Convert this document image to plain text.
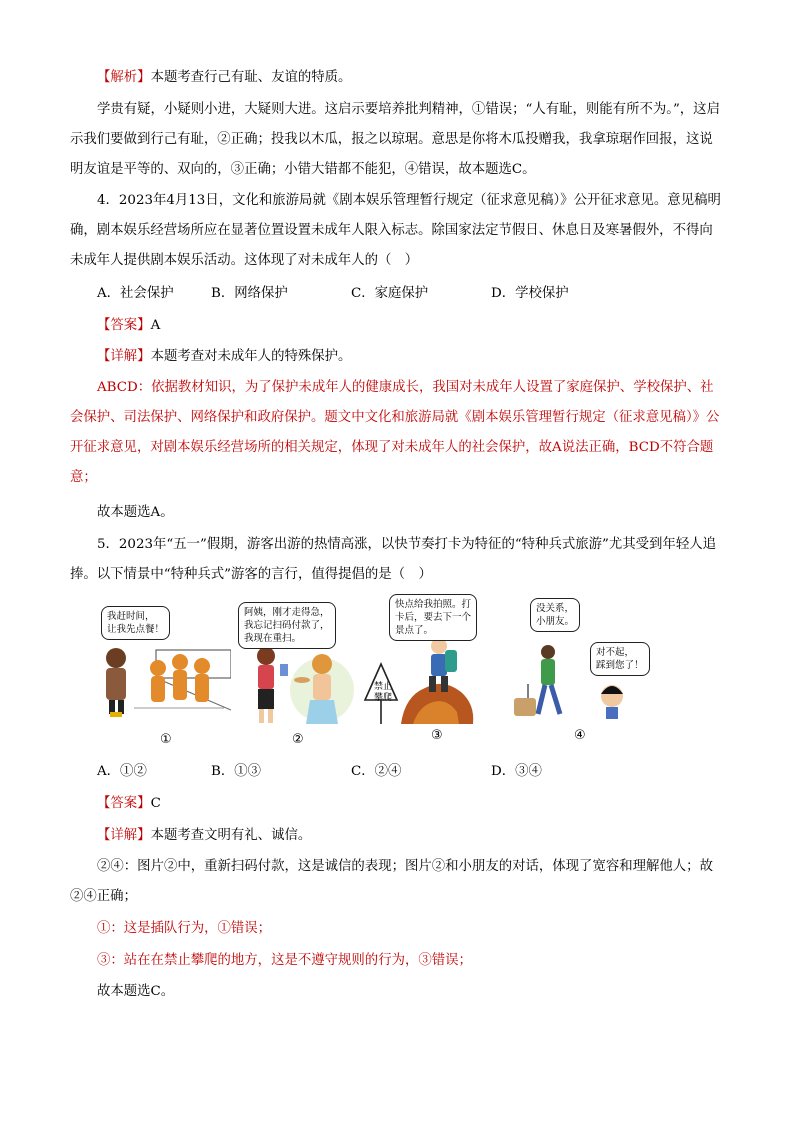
【解析】本题考查行己有耻、友谊的特质。

学贵有疑，小疑则小进，大疑则大进。这启示要培养批判精神，①错误；“人有耻，则能有所不为。”，这启示我们要做到行己有耻，②正确；投我以木瓜，报之以琼琚。意思是你将木瓜投赠我，我拿琼琚作回报，这说明友谊是平等的、双向的，③正确；小错大错都不能犯，④错误，故本题选C。

4．2023年4月13日，文化和旅游局就《剧本娱乐管理暂行规定（征求意见稿）》公开征求意见。意见稿明确，剧本娱乐经营场所应在显著位置设置未成年人限入标志。除国家法定节假日、休息日及寒暑假外，不得向未成年人提供剧本娱乐活动。这体现了对未成年人的（　）

A．社会保护	B．网络保护	C．家庭保护	D．学校保护

【答案】A

【详解】本题考查对未成年人的特殊保护。

ABCD：依据教材知识，为了保护未成年人的健康成长，我国对未成年人设置了家庭保护、学校保护、社会保护、司法保护、网络保护和政府保护。题文中文化和旅游局就《剧本娱乐管理暂行规定（征求意见稿）》公开征求意见，对剧本娱乐经营场所的相关规定，体现了对未成年人的社会保护，故A说法正确，BCD不符合题意；

故本题选A。

5．2023年“五一”假期，游客出游的热情高涨，以快节奏打卡为特征的“特种兵式旅游”尤其受到年轻人追捧。以下情景中“特种兵式”游客的言行，值得提倡的是（　）

我赶时间，
让我先点餐！
①
阿姨，刚才走得急，
我忘记扫码付款了，
我现在重扫。
②
禁止
攀爬
快点给我拍照。打
卡后，要去下一个
景点了。
③
没关系，
小朋友。
对不起，
踩到您了！
④
A．①②	B．①③	C．②④	D．③④

【答案】C

【详解】本题考查文明有礼、诚信。

②④：图片②中，重新扫码付款，这是诚信的表现；图片②和小朋友的对话，体现了宽容和理解他人；故②④正确；

①：这是插队行为，①错误；

③：站在在禁止攀爬的地方，这是不遵守规则的行为，③错误；

故本题选C。
